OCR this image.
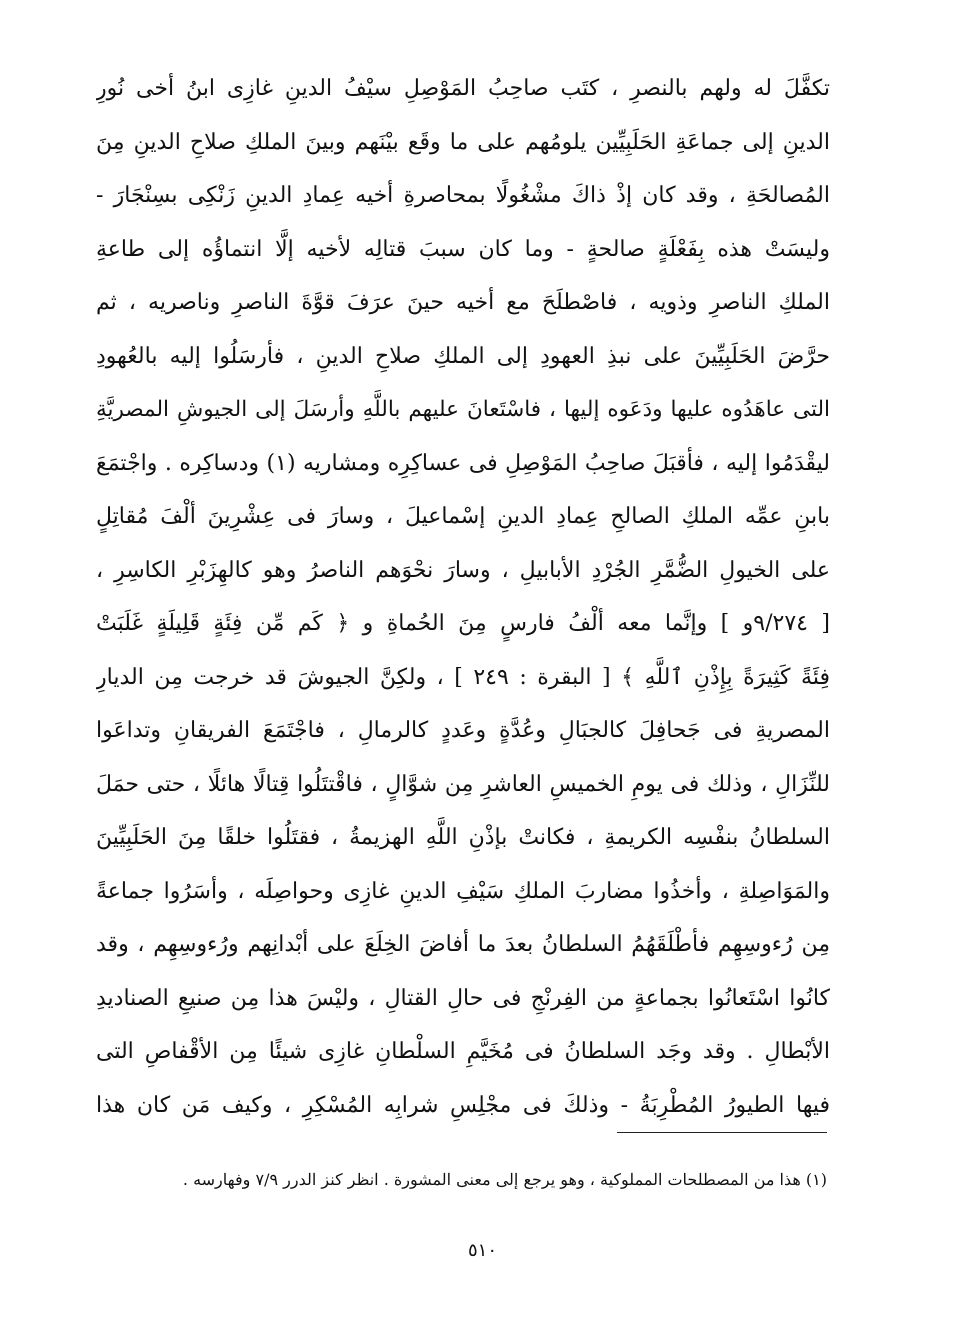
تكفَّلَ له ولهم بالنصرِ ، كتَب صاحِبُ المَوْصِلِ سيْفُ الدينِ غازِى ابنُ أخى نُورِ
الدينِ إلى جماعَةِ الحَلَبِيِّين يلومُهم على ما وقَع بيْنَهم وبينَ الملكِ صلاحِ الدينِ مِنَ
المُصالحَةِ ، وقد كان إذْ ذاكَ مشْغُولًا بمحاصرةِ أخيه عِمادِ الدينِ زَنْكِى بسِنْجَارَ -
وليسَتْ هذه بِفَعْلَةٍ صالحةٍ - وما كان سببَ قتالِه لأخيه إلَّا انتماؤُه إلى طاعةِ
الملكِ الناصرِ وذويه ، فاصْطلَحَ مع أخيه حينَ عرَفَ قوَّةَ الناصرِ وناصريه ، ثم
حرَّضَ الحَلَبِيِّينَ على نبذِ العهودِ إلى الملكِ صلاحِ الدينِ ، فأرسَلُوا إليه بالعُهودِ
التى عاهَدُوه عليها ودَعَوه إليها ، فاسْتَعانَ عليهم باللَّهِ وأرسَلَ إلى الجيوشِ المصريَّةِ
ليقْدَمُوا إليه ، فأقبَلَ صاحِبُ المَوْصِلِ فى عساكِرِه ومشاريه (١) ودساكِره . واجْتمَعَ
بابنِ عمِّه الملكِ الصالحِ عِمادِ الدينِ إسْماعيلَ ، وسارَ فى عِشْرِينَ ألْفَ مُقاتِلٍ
على الخيولِ الضُّمَّرِ الجُرْدِ الأبابيلِ ، وسارَ نحْوَهم الناصرُ وهو كالهِزَبْرِ الكاسِرِ ،
[ ٩/٢٧٤و ] وإنَّما معه ألْفُ فارسٍ مِنَ الحُماةِ و ﴿ كَم مِّن فِئَةٍ قَلِيلَةٍ غَلَبَتْ
فِئَةً كَثِيرَةً بِإِذْنِ ٱللَّهِ ﴾ [ البقرة : ٢٤٩ ] ، ولكِنَّ الجيوشَ قد خرجت مِن الديارِ
المصريةِ فى جَحافِلَ كالجبَالِ وعُدَّةٍ وعَددٍ كالرمالِ ، فاجْتَمَعَ الفريقانِ وتداعَوا
للنِّزَالِ ، وذلك فى يومِ الخميسِ العاشرِ مِن شوَّالٍ ، فاقْتتَلُوا قِتالًا هائلًا ، حتى حمَلَ
السلطانُ بنفْسِه الكريمةِ ، فكانتْ بإذْنِ اللَّهِ الهزيمةُ ، فقتَلُوا خلقًا مِنَ الحَلَبِيِّينَ
والمَوَاصِلةِ ، وأخذُوا مضاربَ الملكِ سَيْفِ الدينِ غازِى وحواصِلَه ، وأسَرُوا جماعةً
مِن رُءوسِهِم فأطْلَقَهُمُ السلطانُ بعدَ ما أفاضَ الخِلَعَ على أبْدانِهم ورُءوسِهِم ، وقد
كانُوا اسْتَعانُوا بجماعةٍ من الفِرنْجِ فى حالِ القتالِ ، وليْسَ هذا مِن صنيعِ الصناديدِ
الأبْطالِ . وقد وجَد السلطانُ فى مُخَيَّمِ السلْطانِ غازِى شيئًا مِن الأقْفاصِ التى
فيها الطيورُ المُطْرِبَةُ - وذلكَ فى مجْلِسِ شرابِه المُسْكِرِ ، وكيف مَن كان هذا
(١) هذا من المصطلحات المملوكية ، وهو يرجع إلى معنى المشورة . انظر كنز الدرر ٧/٩ وفهارسه .
٥١٠
